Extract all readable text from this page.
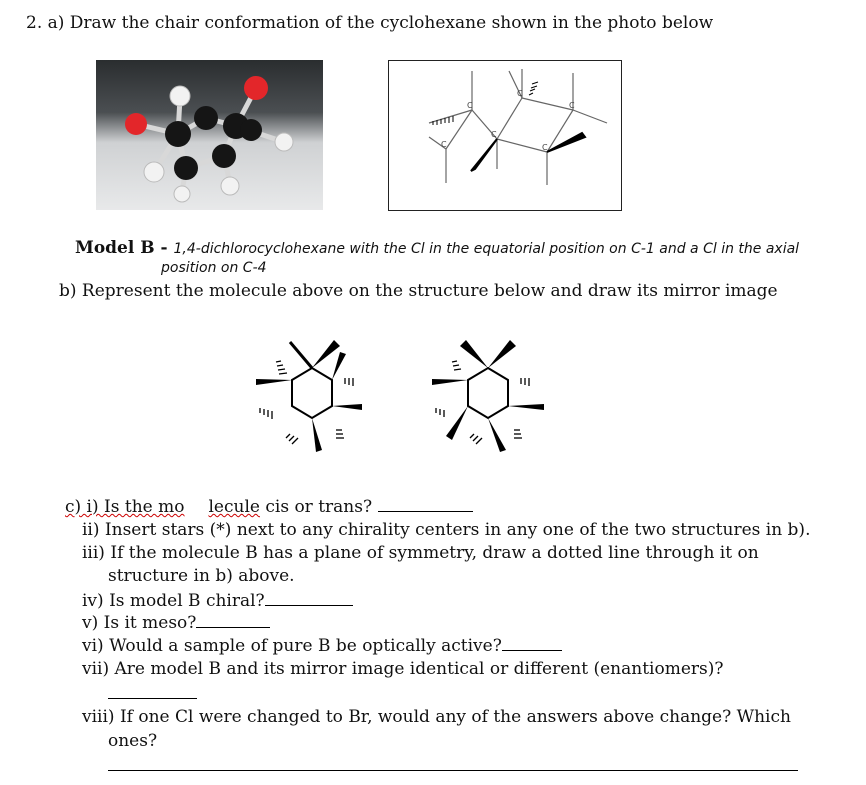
2. a) Draw the chair conformation of the cyclohexane shown in the photo below
C
C
C
C	C
C
Model B - 1,4-dichlorocyclohexane with the Cl in the equatorial position on C-1 and a Cl in the axial
position on C-4
b) Represent the molecule above on the structure below and draw its mirror image
c) i) Is the mo lecule cis or trans?
ii) Insert stars (*) next to any chirality centers in any one of the two structures in b).
iii) If the molecule B has a plane of symmetry, draw a dotted line through it on
structure in b) above.
iv) Is model B chiral?
v) Is it meso?
vi) Would a sample of pure B be optically active?
vii) Are model B and its mirror image identical or different (enantiomers)?
viii) If one Cl were changed to Br, would any of the answers above change? Which
ones?
